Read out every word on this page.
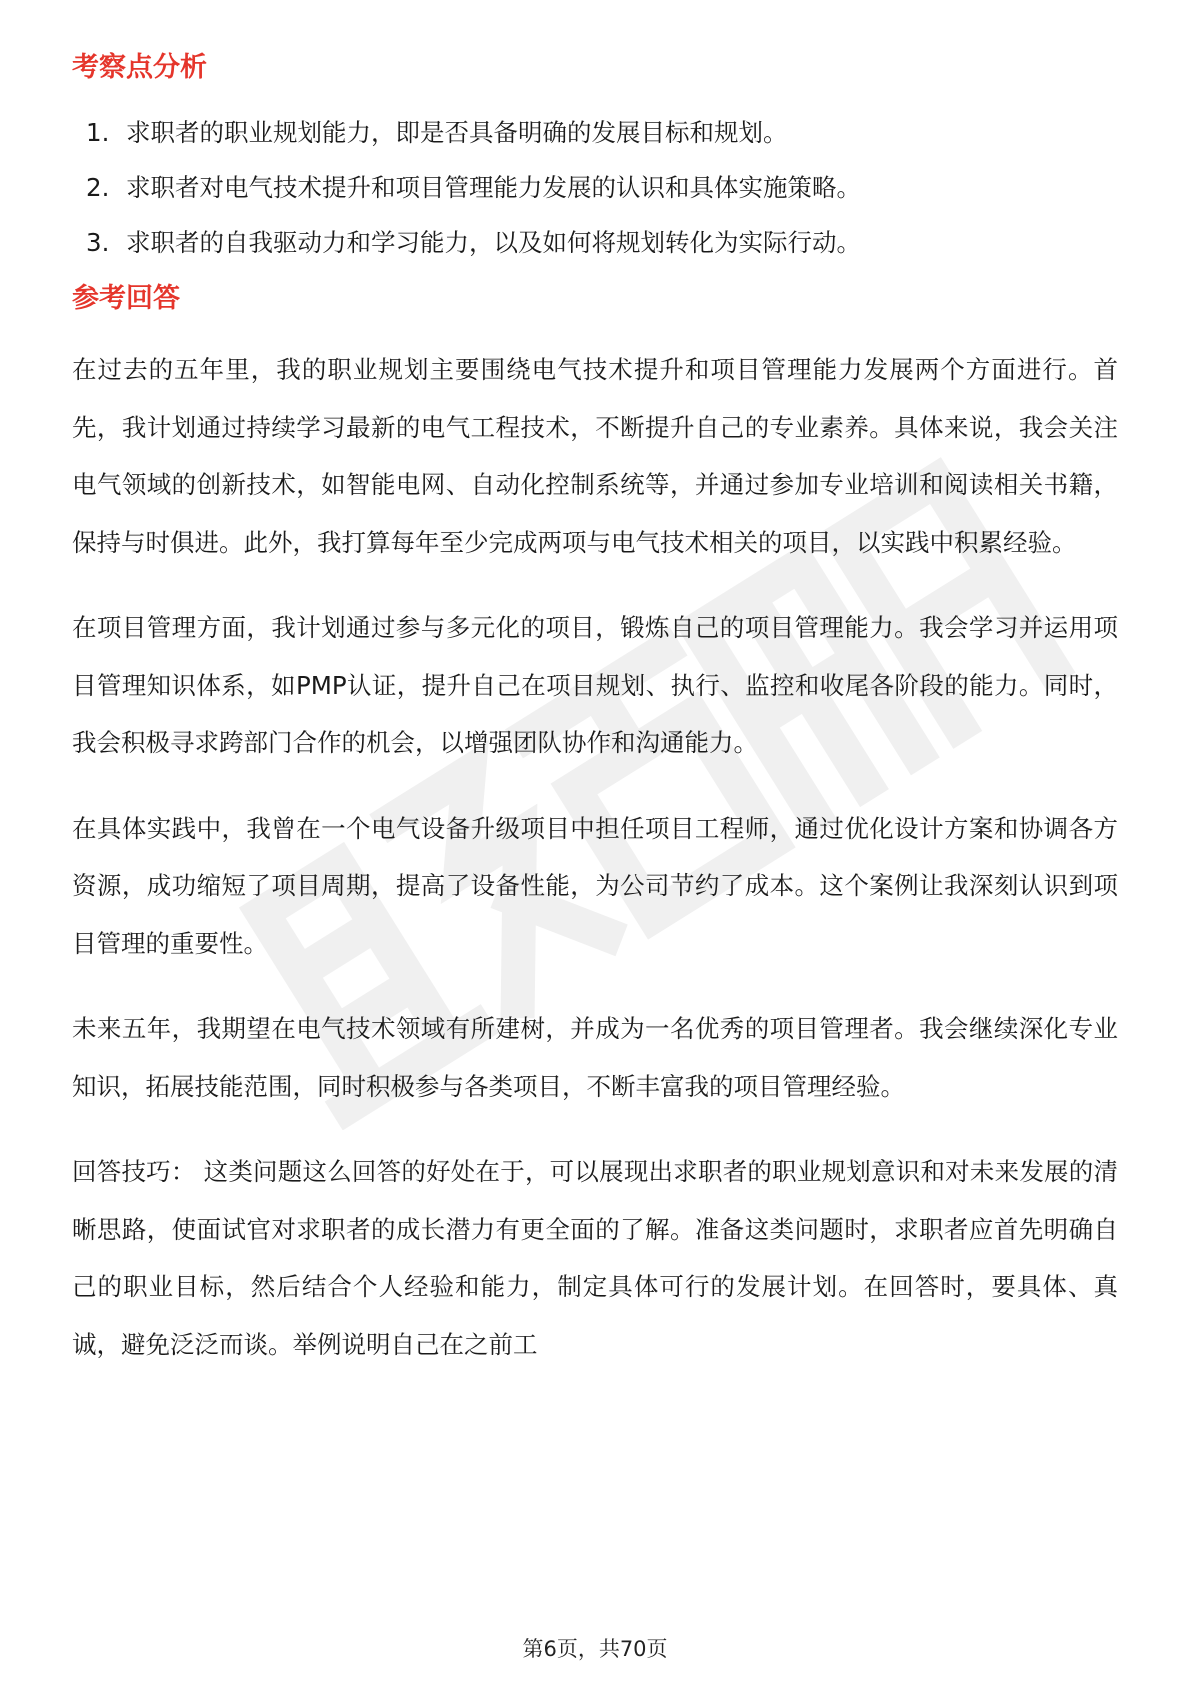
考察点分析
1. 求职者的职业规划能力，即是否具备明确的发展目标和规划。
2. 求职者对电气技术提升和项目管理能力发展的认识和具体实施策略。
3. 求职者的自我驱动力和学习能力，以及如何将规划转化为实际行动。
参考回答

在过去的五年里，我的职业规划主要围绕电气技术提升和项目管理能力发展两个方面进行。首先，我计划通过持续学习最新的电气工程技术，不断提升自己的专业素养。具体来说，我会关注电气领域的创新技术，如智能电网、自动化控制系统等，并通过参加专业培训和阅读相关书籍，保持与时俱进。此外，我打算每年至少完成两项与电气技术相关的项目，以实践中积累经验。

在项目管理方面，我计划通过参与多元化的项目，锻炼自己的项目管理能力。我会学习并运用项目管理知识体系，如PMP认证，提升自己在项目规划、执行、监控和收尾各阶段的能力。同时，我会积极寻求跨部门合作的机会，以增强团队协作和沟通能力。

在具体实践中，我曾在一个电气设备升级项目中担任项目工程师，通过优化设计方案和协调各方资源，成功缩短了项目周期，提高了设备性能，为公司节约了成本。这个案例让我深刻认识到项目管理的重要性。

未来五年，我期望在电气技术领域有所建树，并成为一名优秀的项目管理者。我会继续深化专业知识，拓展技能范围，同时积极参与各类项目，不断丰富我的项目管理经验。

回答技巧： 这类问题这么回答的好处在于，可以展现出求职者的职业规划意识和对未来发展的清晰思路，使面试官对求职者的成长潜力有更全面的了解。准备这类问题时，求职者应首先明确自己的职业目标，然后结合个人经验和能力，制定具体可行的发展计划。在回答时，要具体、真诚，避免泛泛而谈。举例说明自己在之前工

第6页，共70页
